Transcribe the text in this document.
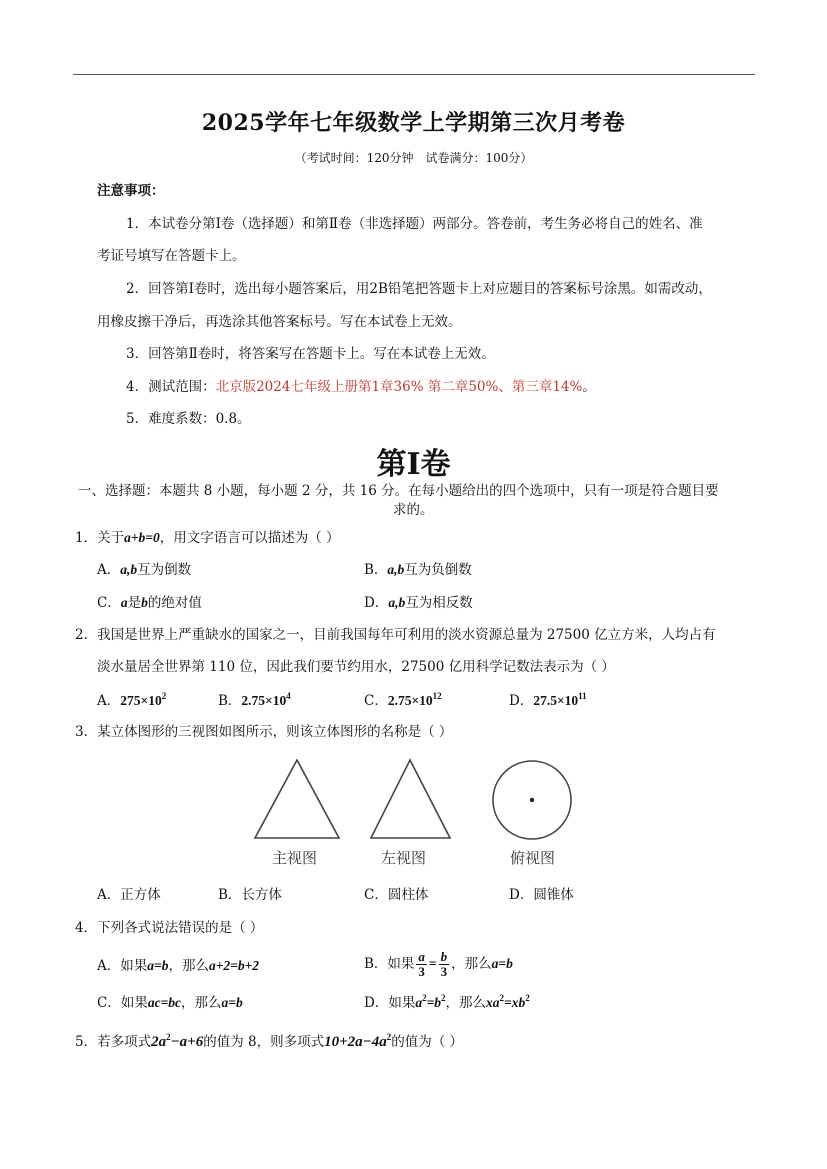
2025学年七年级数学上学期第三次月考卷
（考试时间：120分钟　试卷满分：100分）
注意事项：
1．本试卷分第Ⅰ卷（选择题）和第Ⅱ卷（非选择题）两部分。答卷前，考生务必将自己的姓名、准
考证号填写在答题卡上。
2．回答第Ⅰ卷时，选出每小题答案后，用2B铅笔把答题卡上对应题目的答案标号涂黑。如需改动，
用橡皮擦干净后，再选涂其他答案标号。写在本试卷上无效。
3．回答第Ⅱ卷时，将答案写在答题卡上。写在本试卷上无效。
4．测试范围：北京版2024七年级上册第1章36% 第二章50%、第三章14%。
5．难度系数：0.8。
第Ⅰ卷
一、选择题：本题共 8 小题，每小题 2 分，共 16 分。在每小题给出的四个选项中，只有一项是符合题目要
求的。
1．关于a+b=0，用文字语言可以描述为（ ）
A．a,b互为倒数	B．a,b互为负倒数
C．a是b的绝对值	D．a,b互为相反数
2．我国是世界上严重缺水的国家之一，目前我国每年可利用的淡水资源总量为 27500 亿立方米，人均占有
淡水量居全世界第 110 位，因此我们要节约用水，27500 亿用科学记数法表示为（ ）
A．$275\times 10^2$	B．$2.75\times 10^4$	C．$2.75\times 10^{12}$	D．$27.5\times 10^{11}$
3．某立体图形的三视图如图所示，则该立体图形的名称是（ ）
主视图	左视图	俯视图
A．正方体	B．长方体	C．圆柱体	D．圆锥体
4．下列各式说法错误的是（ ）
A．如果a=b，那么a+2=b+2	B．如果 $\frac{a}{3} = \frac{b}{3}$ ，那么a=b
C．如果ac=bc，那么a=b	D．如果$a^2=b^2$，那么$xa^2=xb^2$
5．若多项式$2a^2-a+6$的值为 8，则多项式$10+2a-4a^2$的值为（ ）
